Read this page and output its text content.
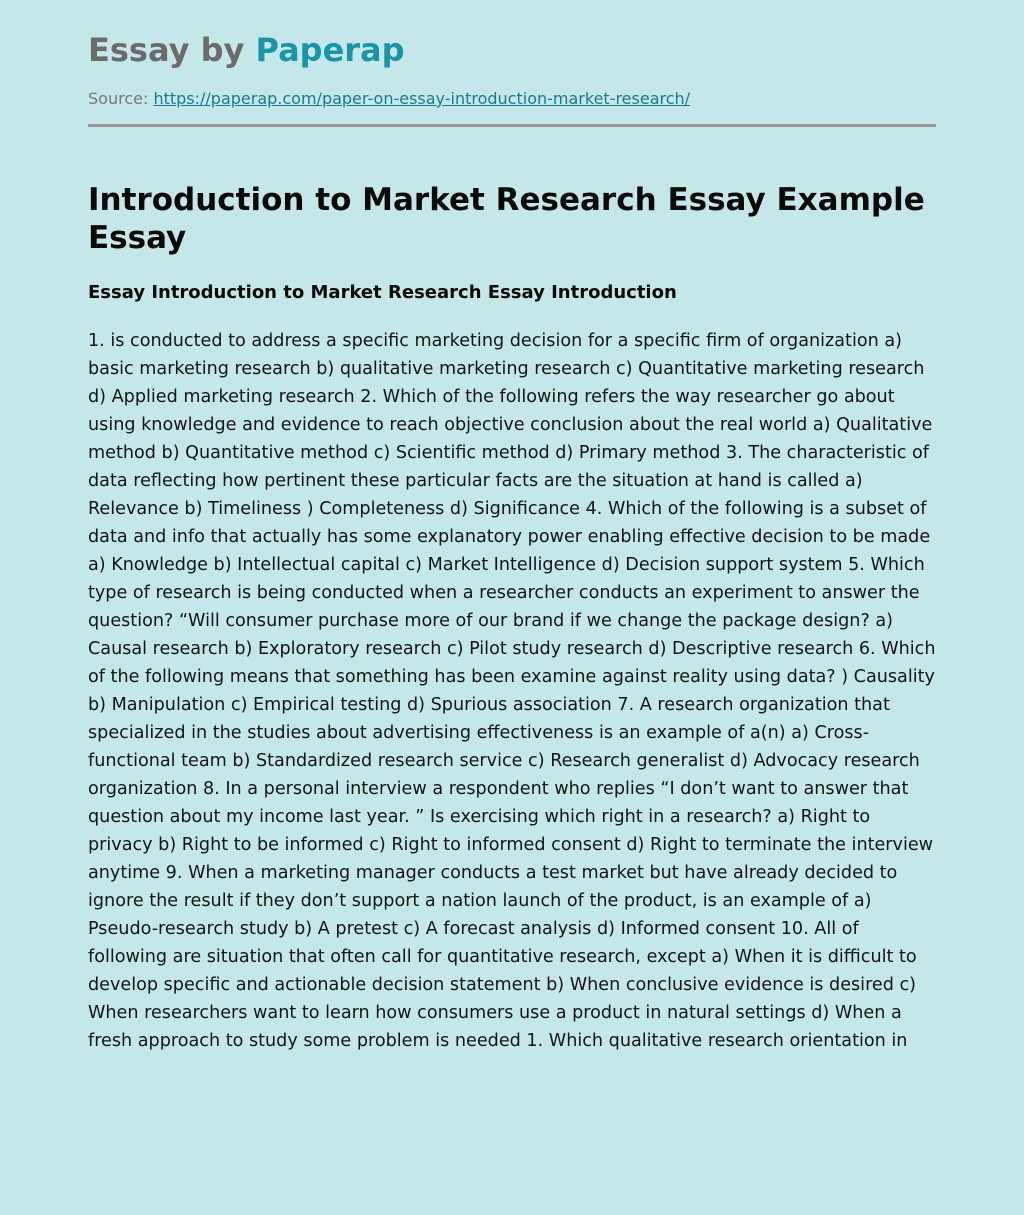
Essay by Paperap
Source: https://paperap.com/paper-on-essay-introduction-market-research/
Introduction to Market Research Essay Example Essay
Essay Introduction to Market Research Essay Introduction

1. is conducted to address a specific marketing decision for a specific firm of organization a) basic marketing research b) qualitative marketing research c) Quantitative marketing research d) Applied marketing research 2. Which of the following refers the way researcher go about using knowledge and evidence to reach objective conclusion about the real world a) Qualitative method b) Quantitative method c) Scientific method d) Primary method 3. The characteristic of data reflecting how pertinent these particular facts are the situation at hand is called a) Relevance b) Timeliness ) Completeness d) Significance 4. Which of the following is a subset of data and info that actually has some explanatory power enabling effective decision to be made a) Knowledge b) Intellectual capital c) Market Intelligence d) Decision support system 5. Which type of research is being conducted when a researcher conducts an experiment to answer the question? “Will consumer purchase more of our brand if we change the package design? a) Causal research b) Exploratory research c) Pilot study research d) Descriptive research 6. Which of the following means that something has been examine against reality using data? ) Causality b) Manipulation c) Empirical testing d) Spurious association 7. A research organization that specialized in the studies about advertising effectiveness is an example of a(n) a) Cross-functional team b) Standardized research service c) Research generalist d) Advocacy research organization 8. In a personal interview a respondent who replies “I don’t want to answer that question about my income last year. ” Is exercising which right in a research? a) Right to privacy b) Right to be informed c) Right to informed consent d) Right to terminate the interview anytime 9. When a marketing manager conducts a test market but have already decided to ignore the result if they don’t support a nation launch of the product, is an example of a) Pseudo-research study b) A pretest c) A forecast analysis d) Informed consent 10. All of following are situation that often call for quantitative research, except a) When it is difficult to develop specific and actionable decision statement b) When conclusive evidence is desired c) When researchers want to learn how consumers use a product in natural settings d) When a fresh approach to study some problem is needed 1. Which qualitative research orientation in
